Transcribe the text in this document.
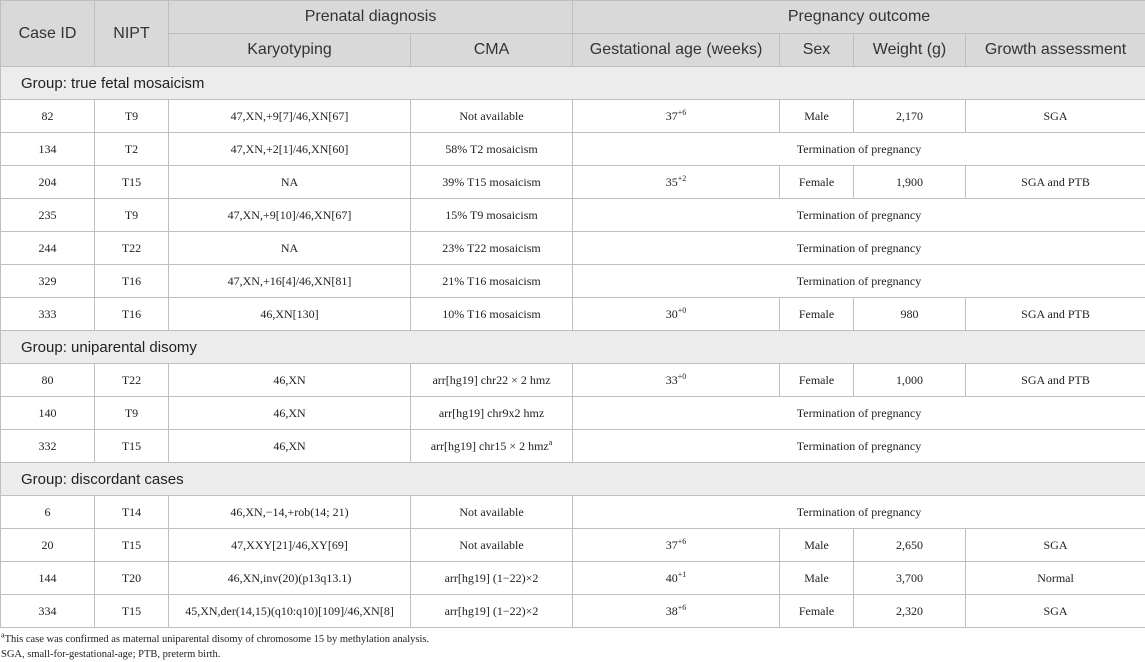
Case ID	NIPT	Prenatal diagnosis		Pregnancy outcome			
		Karyotyping	CMA	Gestational age (weeks)	Sex	Weight (g)	Growth assessment
Group: true fetal mosaicism							
82	T9	47,XN,+9[7]/46,XN[67]	Not available	$37^{+6}$	Male	2,170	SGA
134	T2	47,XN,+2[1]/46,XN[60]	58% T2 mosaicism	Termination of pregnancy			
204	T15	NA	39% T15 mosaicism	$35^{+2}$	Female	1,900	SGA and PTB
235	T9	47,XN,+9[10]/46,XN[67]	15% T9 mosaicism	Termination of pregnancy			
244	T22	NA	23% T22 mosaicism	Termination of pregnancy			
329	T16	47,XN,+16[4]/46,XN[81]	21% T16 mosaicism	Termination of pregnancy			
333	T16	46,XN[130]	10% T16 mosaicism	$30^{+0}$	Female	980	SGA and PTB
Group: uniparental disomy							
80	T22	46,XN	arr[hg19] chr22 × 2 hmz	$33^{+0}$	Female	1,000	SGA and PTB
140	T9	46,XN	arr[hg19] chr9x2 hmz	Termination of pregnancy			
332	T15	46,XN	arr[hg19] chr15 × 2 hmz$^a$	Termination of pregnancy			
Group: discordant cases							
6	T14	46,XN,−14,+rob(14; 21)	Not available	Termination of pregnancy			
20	T15	47,XXY[21]/46,XY[69]	Not available	$37^{+6}$	Male	2,650	SGA
144	T20	46,XN,inv(20)(p13q13.1)	arr[hg19] (1−22)×2	$40^{+1}$	Male	3,700	Normal
334	T15	45,XN,der(14,15)(q10:q10)[109]/46,XN[8]	arr[hg19] (1−22)×2	$38^{+6}$	Female	2,320	SGA
$^a$This case was confirmed as maternal uniparental disomy of chromosome 15 by methylation analysis.
SGA, small-for-gestational-age; PTB, preterm birth.
